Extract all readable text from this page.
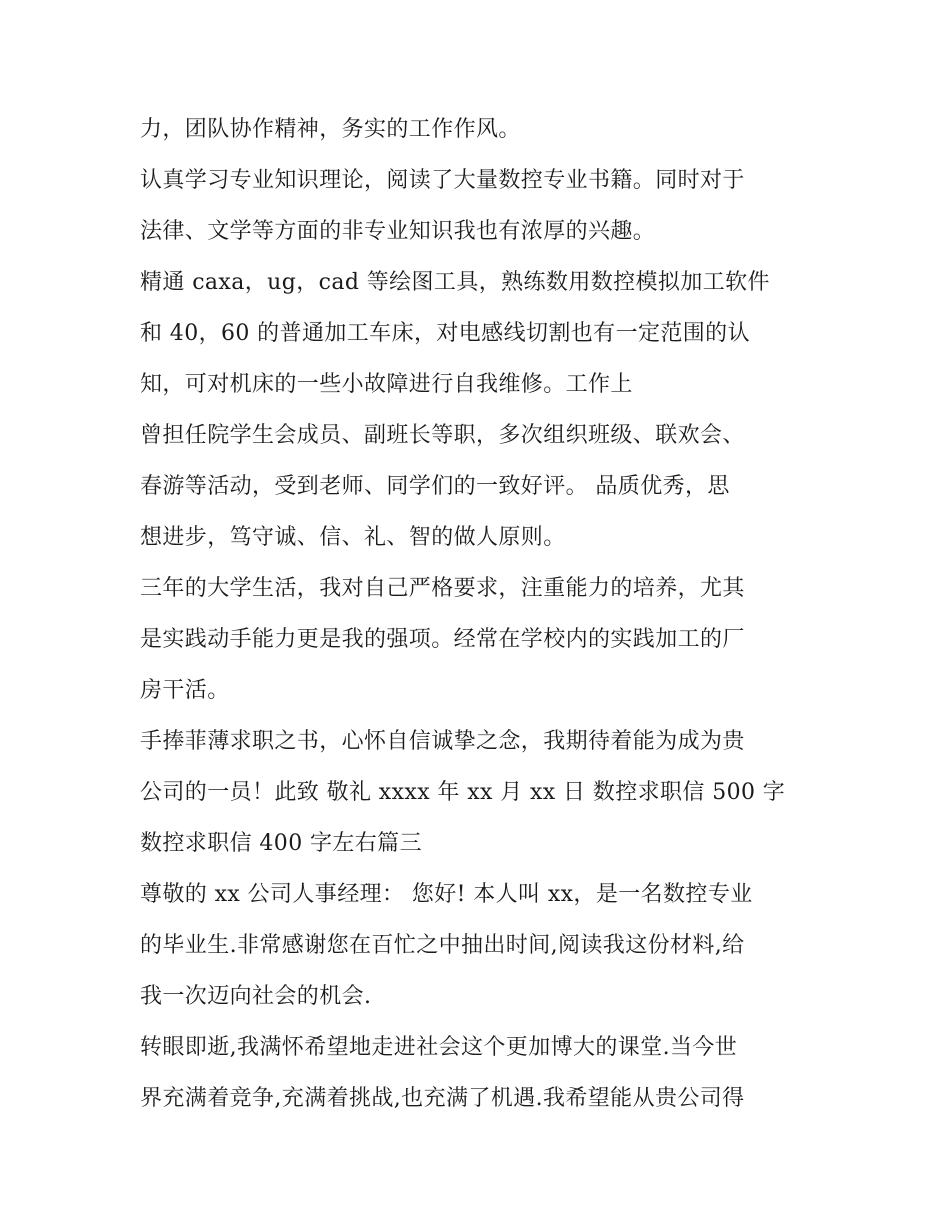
力，团队协作精神，务实的工作作风。
认真学习专业知识理论，阅读了大量数控专业书籍。同时对于
法律、文学等方面的非专业知识我也有浓厚的兴趣。
精通 caxa，ug，cad 等绘图工具，熟练数用数控模拟加工软件
和 40，60 的普通加工车床，对电感线切割也有一定范围的认
知，可对机床的一些小故障进行自我维修。工作上
曾担任院学生会成员、副班长等职，多次组织班级、联欢会、
春游等活动，受到老师、同学们的一致好评。 品质优秀，思
想进步，笃守诚、信、礼、智的做人原则。
三年的大学生活，我对自己严格要求，注重能力的培养，尤其
是实践动手能力更是我的强项。经常在学校内的实践加工的厂
房干活。
手捧菲薄求职之书，心怀自信诚挚之念，我期待着能为成为贵
公司的一员！此致 敬礼 xxxx 年 xx 月 xx 日 数控求职信 500 字
数控求职信 400 字左右篇三
尊敬的 xx 公司人事经理： 您好! 本人叫 xx，是一名数控专业
的毕业生.非常感谢您在百忙之中抽出时间,阅读我这份材料,给
我一次迈向社会的机会.
转眼即逝,我满怀希望地走进社会这个更加博大的课堂.当今世
界充满着竞争,充满着挑战,也充满了机遇.我希望能从贵公司得
